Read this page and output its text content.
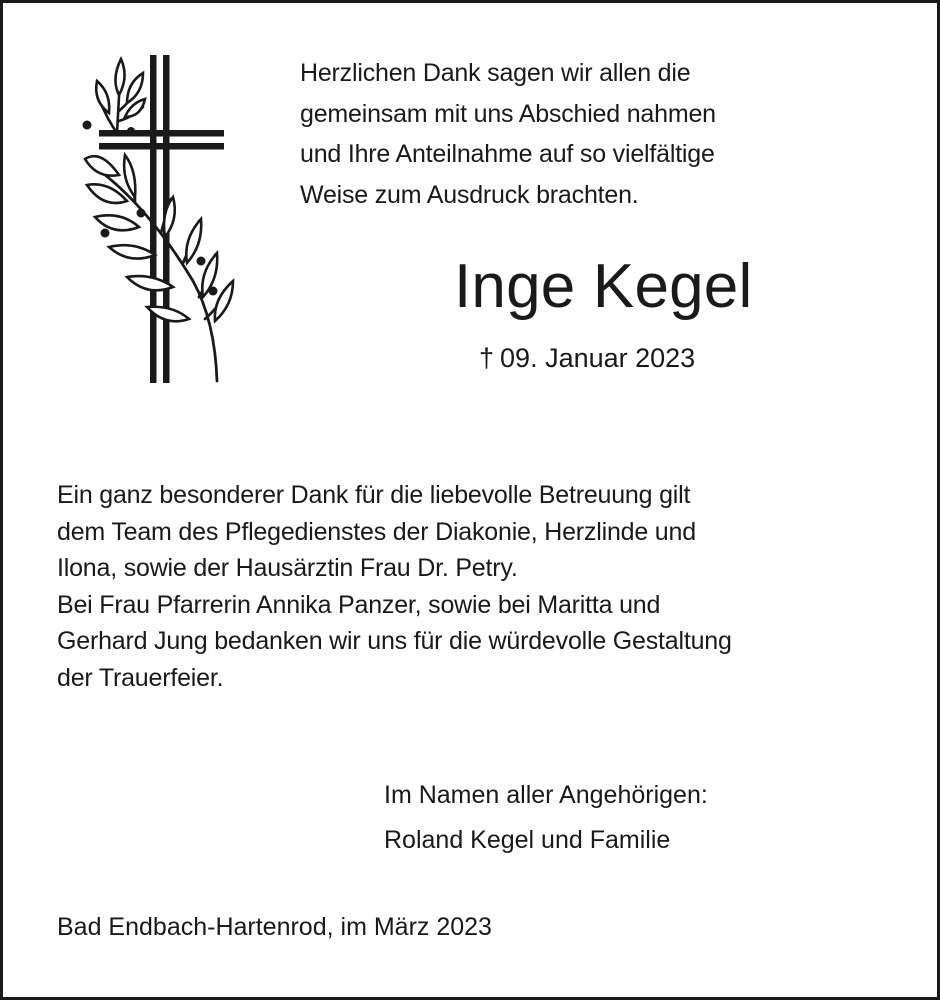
Herzlichen Dank sagen wir allen die
gemeinsam mit uns Abschied nahmen
und Ihre Anteilnahme auf so vielfältige
Weise zum Ausdruck brachten.
Inge Kegel
† 09. Januar 2023
Ein ganz besonderer Dank für die liebevolle Betreuung gilt
dem Team des Pflegedienstes der Diakonie, Herzlinde und
Ilona, sowie der Hausärztin Frau Dr. Petry.
Bei Frau Pfarrerin Annika Panzer, sowie bei Maritta und
Gerhard Jung bedanken wir uns für die würdevolle Gestaltung
der Trauerfeier.
Im Namen aller Angehörigen:
Roland Kegel und Familie
Bad Endbach-Hartenrod, im März 2023
